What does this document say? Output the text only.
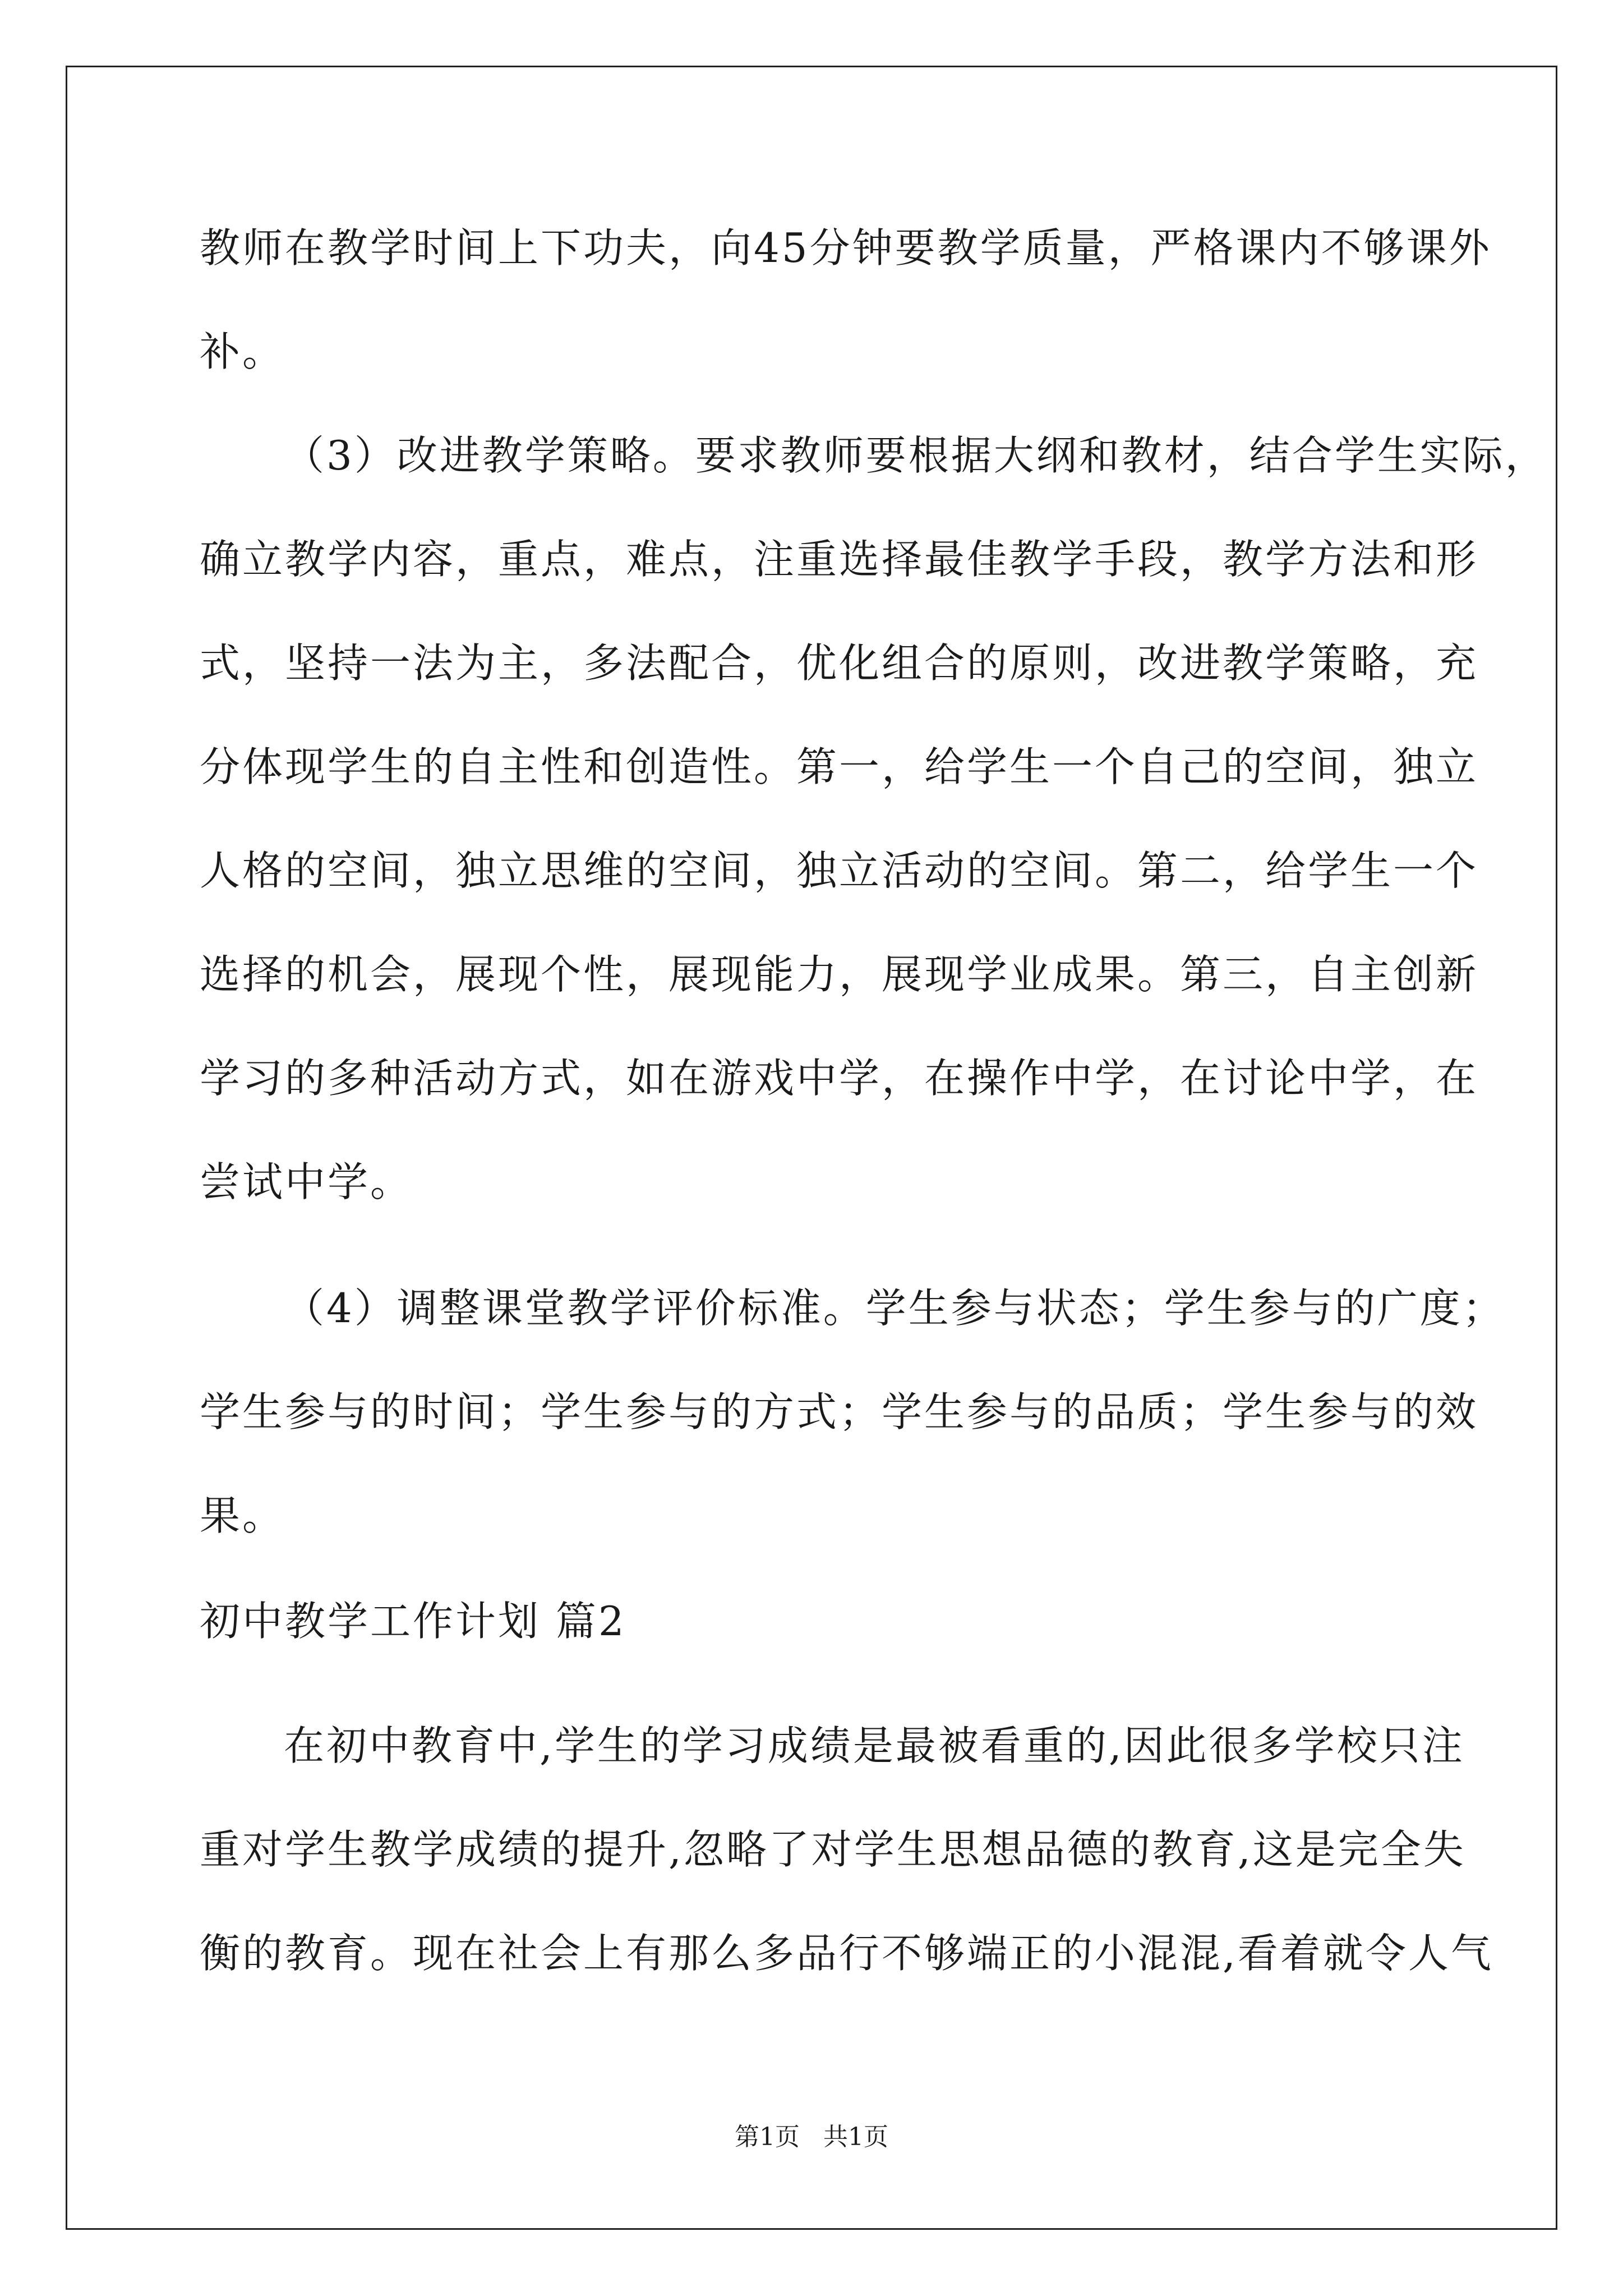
教师在教学时间上下功夫，向45分钟要教学质量，严格课内不够课外
补。
（3）改进教学策略。要求教师要根据大纲和教材，结合学生实际，
确立教学内容，重点，难点，注重选择最佳教学手段，教学方法和形
式，坚持一法为主，多法配合，优化组合的原则，改进教学策略，充
分体现学生的自主性和创造性。第一，给学生一个自己的空间，独立
人格的空间，独立思维的空间，独立活动的空间。第二，给学生一个
选择的机会，展现个性，展现能力，展现学业成果。第三，自主创新
学习的多种活动方式，如在游戏中学，在操作中学，在讨论中学，在
尝试中学。
（4）调整课堂教学评价标准。学生参与状态；学生参与的广度；
学生参与的时间；学生参与的方式；学生参与的品质；学生参与的效
果。
初中教学工作计划 篇2
在初中教育中,学生的学习成绩是最被看重的,因此很多学校只注
重对学生教学成绩的提升,忽略了对学生思想品德的教育,这是完全失
衡的教育。现在社会上有那么多品行不够端正的小混混,看着就令人气
第1页   共1页
